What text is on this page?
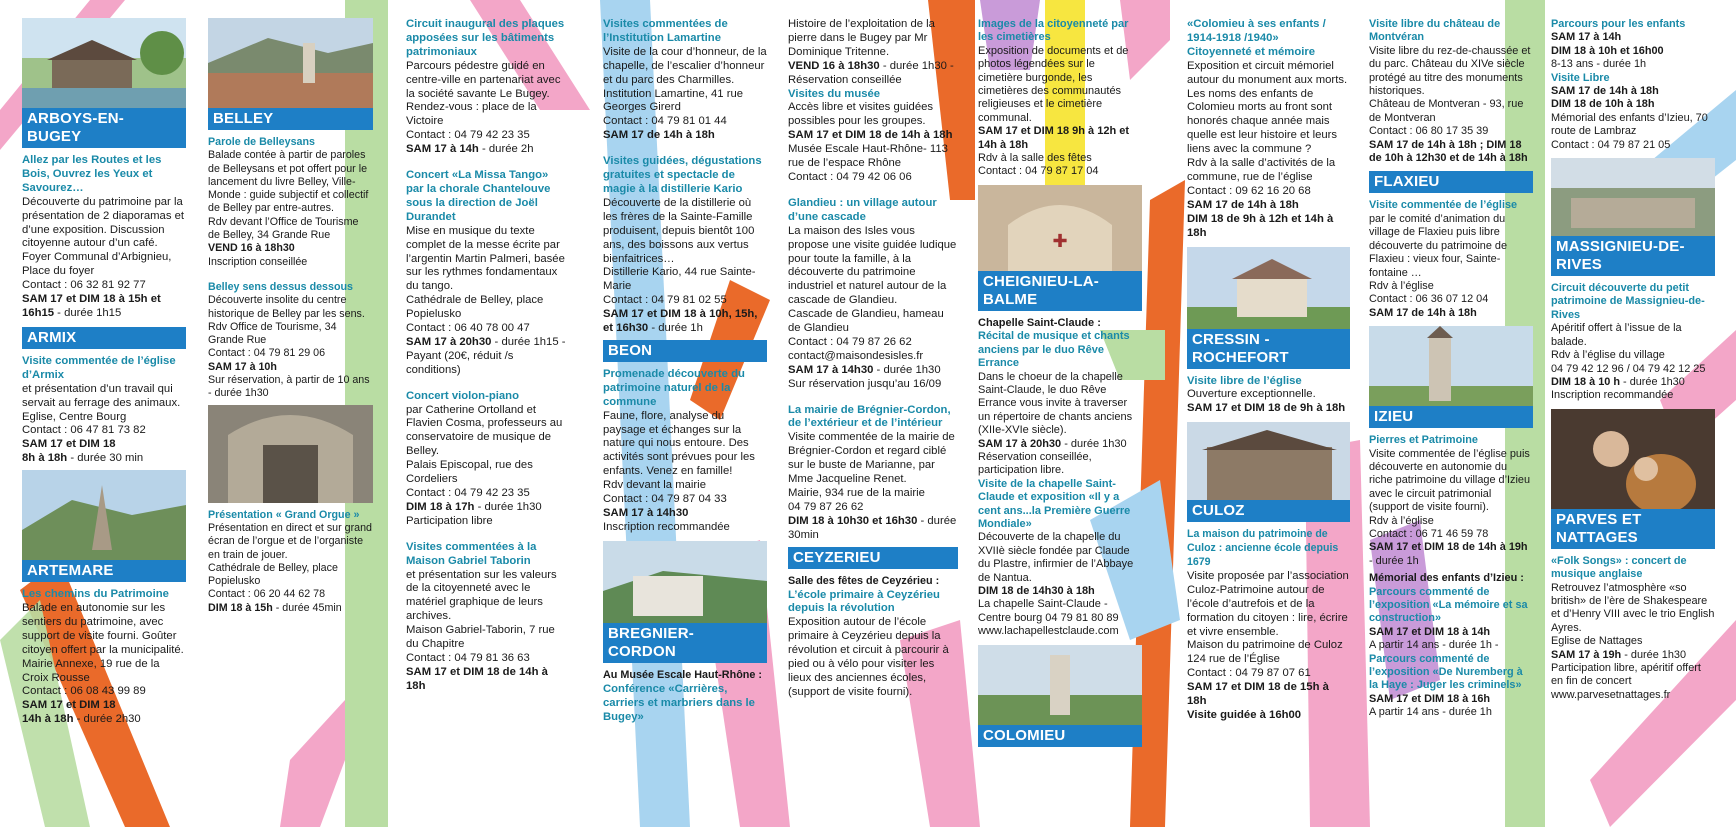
ARBOYS-EN- BUGEY
Allez par les Routes et les Bois, Ouvrez les Yeux et Savourez…
Découverte du patrimoine par la présentation de 2 diaporamas et d’une exposition. Discussion citoyenne autour d’un café.
Foyer Communal d’Arbignieu, Place du foyer
Contact : 06 32 81 92 77
SAM 17 et DIM 18 à 15h et 16h15 - durée 1h15
ARMIX
Visite commentée de l’église d’Armix
et présentation d’un travail qui servait au ferrage des animaux.
Eglise, Centre Bourg
Contact : 06 47 81 73 82
SAM 17 et DIM 18
8h à 18h - durée 30 min
ARTEMARE
Les chemins du Patrimoine
Balade en autonomie sur les sentiers du patrimoine, avec support de visite fourni. Goûter citoyen offert par la municipalité.
Mairie Annexe, 19 rue de la Croix Rousse
Contact : 06 08 43 99 89
SAM 17 et DIM 18
14h à 18h - durée 2h30
BELLEY
Parole de Belleysans
Balade contée à partir de paroles de Belleysans et pot offert pour le lancement du livre Belley, Ville-Monde : guide subjectif et collectif de Belley par entre-autres.
Rdv devant l’Office de Tourisme de Belley, 34 Grande Rue
VEND 16 à 18h30
Inscription conseillée
Belley sens dessus dessous
Découverte insolite du centre historique de Belley par les sens.
Rdv Office de Tourisme, 34 Grande Rue
Contact : 04 79 81 29 06
SAM 17 à 10h
Sur réservation, à partir de 10 ans - durée 1h30
Présentation « Grand Orgue »
Présentation en direct et sur grand écran de l’orgue et de l’organiste en train de jouer.
Cathédrale de Belley, place Popielusko
Contact : 06 20 44 62 78
DIM 18 à 15h - durée 45min
Circuit inaugural des plaques apposées sur les bâtiments patrimoniaux
Parcours pédestre guidé en centre-ville en partenariat avec la société savante Le Bugey.
Rendez-vous : place de la Victoire
Contact : 04 79 42 23 35
SAM 17 à 14h - durée 2h
Concert «La Missa Tango» par la chorale Chantelouve sous la direction de Joël Durandet
Mise en musique du texte complet de la messe écrite par l’argentin Martin Palmeri, basée sur les rythmes fondamentaux du tango.
Cathédrale de Belley, place Popielusko
Contact : 06 40 78 00 47
SAM 17 à 20h30 - durée 1h15 - Payant (20€, réduit /s conditions)
Concert violon-piano
par Catherine Ortolland et Flavien Cosma, professeurs au conservatoire de musique de Belley.
Palais Episcopal, rue des Cordeliers
Contact : 04 79 42 23 35
DIM 18 à 17h - durée 1h30
Participation libre
Visites commentées à la Maison Gabriel Taborin
et présentation sur les valeurs de la citoyenneté avec le matériel graphique de leurs archives.
Maison Gabriel-Taborin, 7 rue du Chapitre
Contact : 04 79 81 36 63
SAM 17 et DIM 18 de 14h à 18h
Visites commentées de l’Institution Lamartine
Visite de la cour d’honneur, de la chapelle, de l’escalier d’honneur et du parc des Charmilles.
Institution Lamartine, 41 rue Georges Girerd
Contact : 04 79 81 01 44
SAM 17 de 14h à 18h
Visites guidées, dégustations gratuites et spectacle de magie à la distillerie Kario
Découverte de la distillerie où les frères de la Sainte-Famille produisent, depuis bientôt 100 ans, des boissons aux vertus bienfaitrices…
Distillerie Kario, 44 rue Sainte-Marie
Contact : 04 79 81 02 55
SAM 17 et DIM 18 à 10h, 15h, et 16h30 - durée 1h
BEON
Promenade découverte du patrimoine naturel de la commune
Faune, flore, analyse du paysage et échanges sur la nature qui nous entoure. Des activités sont prévues pour les enfants. Venez en famille!
Rdv devant la mairie
Contact : 04 79 87 04 33
SAM 17 à 14h30
Inscription recommandée
BREGNIER- CORDON
Au Musée Escale Haut-Rhône :
Conférence «Carrières, carriers et marbriers dans le Bugey»
Histoire de l’exploitation de la pierre dans le Bugey par Mr Dominique Tritenne.
VEND 16 à 18h30 - durée 1h30 - Réservation conseillée
Visites du musée
Accès libre et visites guidées possibles pour les groupes.
SAM 17 et DIM 18 de 14h à 18h
Musée Escale Haut-Rhône- 113 rue de l’espace Rhône
Contact : 04 79 42 06 06
Glandieu : un village autour d’une cascade
La maison des Isles vous propose une visite guidée ludique pour toute la famille, à la découverte du patrimoine industriel et naturel autour de la cascade de Glandieu.
Cascade de Glandieu, hameau de Glandieu
Contact : 04 79 87 26 62
contact@maisondesisles.fr
SAM 17 à 14h30 - durée 1h30
Sur réservation jusqu’au 16/09
La mairie de Brégnier-Cordon, de l’extérieur et de l’intérieur
Visite commentée de la mairie de Brégnier-Cordon et regard ciblé sur le buste de Marianne, par Mme Jacqueline Renet.
Mairie, 934 rue de la mairie
04 79 87 26 62
DIM 18 à 10h30 et 16h30 - durée 30min
CEYZERIEU
Salle des fêtes de Ceyzérieu :
L’école primaire à Ceyzérieu depuis la révolution
Exposition autour de l’école primaire à Ceyzérieu depuis la révolution et circuit à parcourir à pied ou à vélo pour visiter les lieux des anciennes écoles, (support de visite fourni).
Images de la citoyenneté par les cimetières
Exposition de documents et de photos légendées sur le cimetière burgonde, les cimetières des communautés religieuses et le cimetière communal.
SAM 17 et DIM 18 9h à 12h et 14h à 18h
Rdv à la salle des fêtes
Contact : 04 79 87 17 04
✚
CHEIGNIEU-LA-BALME
Chapelle Saint-Claude :
Récital de musique et chants anciens par le duo Rêve Errance
Dans le choeur de la chapelle Saint-Claude, le duo Rêve Errance vous invite à traverser un répertoire de chants anciens (XIIe-XVIe siècle).
SAM 17 à 20h30 - durée 1h30
Réservation conseillée, participation libre.
Visite de la chapelle Saint-Claude et exposition «Il y a cent ans...la Première Guerre Mondiale»
Découverte de la chapelle du XVIIè siècle fondée par Claude du Plastre, infirmier de l’Abbaye de Nantua.
DIM 18 de 14h30 à 18h
La chapelle Saint-Claude - Centre bourg 04 79 81 80 89
www.lachapellestclaude.com
COLOMIEU
«Colomieu à ses enfants / 1914-1918 /1940»
Citoyenneté et mémoire
Exposition et circuit mémoriel autour du monument aux morts. Les noms des enfants de Colomieu morts au front sont honorés chaque année mais quelle est leur histoire et leurs liens avec la commune ?
Rdv à la salle d’activités de la commune, rue de l’église
Contact : 09 62 16 20 68
SAM 17 de 14h à 18h
DIM 18 de 9h à 12h et 14h à 18h
CRESSIN - ROCHEFORT
Visite libre de l’église
Ouverture exceptionnelle.
SAM 17 et DIM 18 de 9h à 18h
CULOZ
La maison du patrimoine de Culoz : ancienne école depuis 1679
Visite proposée par l’association Culoz-Patrimoine autour de l’école d’autrefois et de la formation du citoyen : lire, écrire et vivre ensemble.
Maison du patrimoine de Culoz 124 rue de l’Église
Contact : 04 79 87 07 61
SAM 17 et DIM 18 de 15h à 18h
Visite guidée à 16h00
Visite libre du château de Montvéran
Visite libre du rez-de-chaussée et du parc. Château du XIVe siècle protégé au titre des monuments historiques.
Château de Montveran - 93, rue de Montveran
Contact : 06 80 17 35 39
SAM 17 de 14h à 18h ; DIM 18 de 10h à 12h30 et de 14h à 18h
FLAXIEU
Visite commentée de l’église
par le comité d’animation du village de Flaxieu puis libre découverte du patrimoine de Flaxieu : vieux four, Sainte-fontaine …
Rdv à l’église
Contact : 06 36 07 12 04
SAM 17 de 14h à 18h
IZIEU
Pierres et Patrimoine
Visite commentée de l’église puis découverte en autonomie du riche patrimoine du village d’Izieu avec le circuit patrimonial (support de visite fourni).
Rdv à l’église
Contact : 06 71 46 59 78
SAM 17 et DIM 18 de 14h à 19h - durée 1h
Mémorial des enfants d’Izieu :
Parcours commenté de l’exposition «La mémoire et sa construction»
SAM 17 et DIM 18 à 14h
A partir 14 ans - durée 1h -
Parcours commenté de l’exposition «De Nuremberg à la Haye : Juger les criminels»
SAM 17 et DIM 18 à 16h
A partir 14 ans - durée 1h
Parcours pour les enfants
SAM 17 à 14h
DIM 18 à 10h et 16h00
8-13 ans - durée 1h
Visite Libre
SAM 17 de 14h à 18h
DIM 18 de 10h à 18h
Mémorial des enfants d’Izieu, 70 route de Lambraz
Contact : 04 79 87 21 05
MASSIGNIEU-DE-RIVES
Circuit découverte du petit patrimoine de Massignieu-de-Rives
Apéritif offert à l’issue de la balade.
Rdv à l’église du village
04 79 42 12 96 / 04 79 42 12 25
DIM 18 à 10 h - durée 1h30
Inscription recommandée
PARVES ET NATTAGES
«Folk Songs» : concert de musique anglaise
Retrouvez l’atmosphère «so british» de l’ère de Shakespeare et d’Henry VIII avec le trio English Ayres.
Eglise de Nattages
SAM 17 à 19h - durée 1h30
Participation libre, apéritif offert en fin de concert
www.parvesetnattages.fr
